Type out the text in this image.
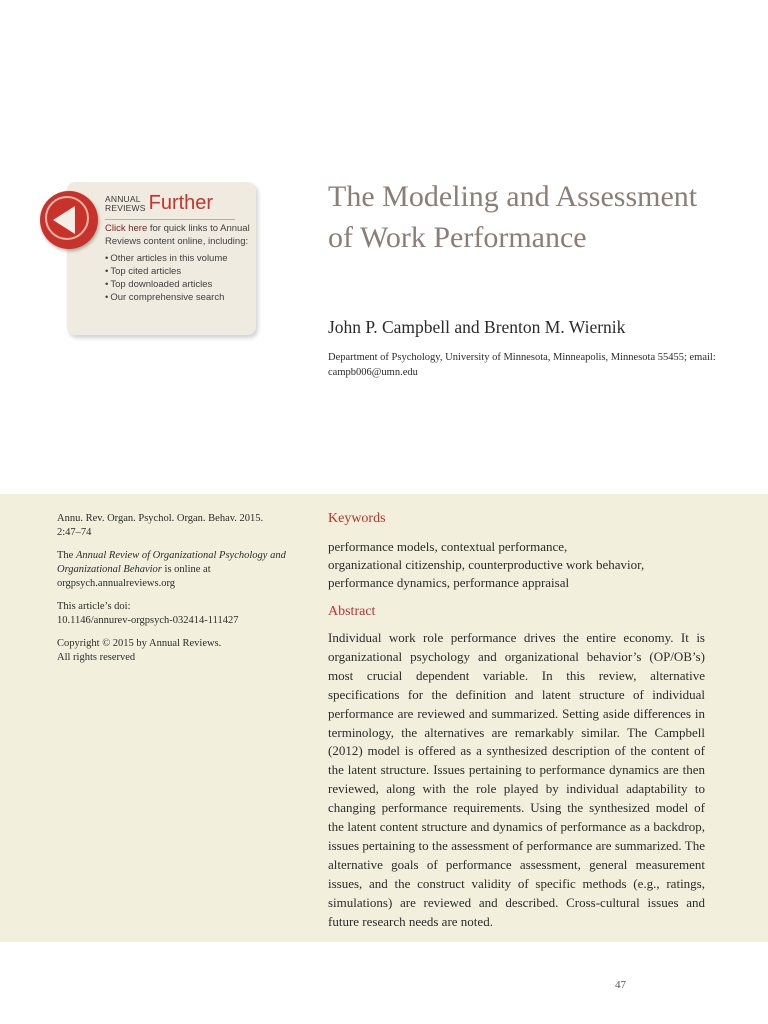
ANNUAL
REVIEWS Further
Click here for quick links to Annual Reviews content online, including:
• Other articles in this volume
• Top cited articles
• Top downloaded articles
• Our comprehensive search
The Modeling and Assessment of Work Performance
John P. Campbell and Brenton M. Wiernik
Department of Psychology, University of Minnesota, Minneapolis, Minnesota 55455; email: campb006@umn.edu

Annu. Rev. Organ. Psychol. Organ. Behav. 2015. 2:47–74

The Annual Review of Organizational Psychology and Organizational Behavior is online at orgpsych.annualreviews.org

This article’s doi:
10.1146/annurev-orgpsych-032414-111427

Copyright © 2015 by Annual Reviews.
All rights reserved

Keywords
performance models, contextual performance,
organizational citizenship, counterproductive work behavior,
performance dynamics, performance appraisal
Abstract

Individual work role performance drives the entire economy. It is organizational psychology and organizational behavior’s (OP/OB’s) most crucial dependent variable. In this review, alternative specifications for the definition and latent structure of individual performance are reviewed and summarized. Setting aside differences in terminology, the alternatives are remarkably similar. The Campbell (2012) model is offered as a synthesized description of the content of the latent structure. Issues pertaining to performance dynamics are then reviewed, along with the role played by individual adaptability to changing performance requirements. Using the synthesized model of the latent content structure and dynamics of performance as a backdrop, issues pertaining to the assessment of performance are summarized. The alternative goals of performance assessment, general measurement issues, and the construct validity of specific methods (e.g., ratings, simulations) are reviewed and described. Cross-cultural issues and future research needs are noted.

47
